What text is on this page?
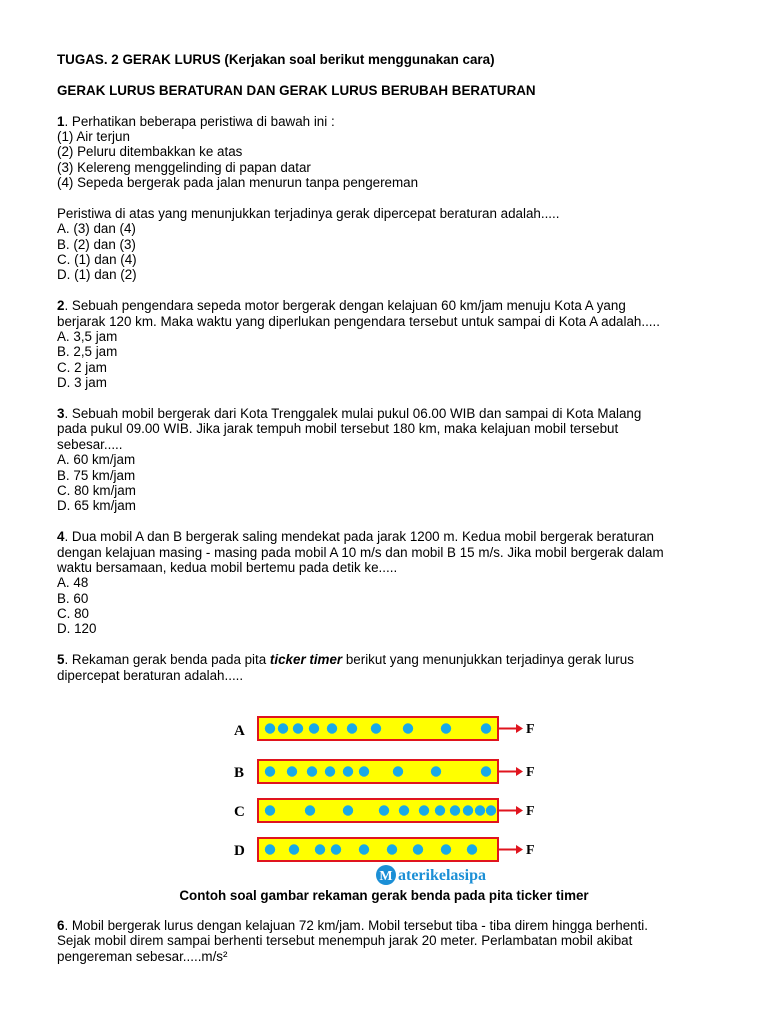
TUGAS. 2 GERAK LURUS (Kerjakan soal berikut menggunakan cara)
GERAK LURUS BERATURAN DAN GERAK LURUS BERUBAH BERATURAN
1. Perhatikan beberapa peristiwa di bawah ini :
(1) Air terjun
(2) Peluru ditembakkan ke atas
(3) Kelereng menggelinding di papan datar
(4) Sepeda bergerak pada jalan menurun tanpa pengereman
Peristiwa di atas yang menunjukkan terjadinya gerak dipercepat beraturan adalah.....
A. (3) dan (4)
B. (2) dan (3)
C. (1) dan (4)
D. (1) dan (2)
2. Sebuah pengendara sepeda motor bergerak dengan kelajuan 60 km/jam menuju Kota A yang
berjarak 120 km. Maka waktu yang diperlukan pengendara tersebut untuk sampai di Kota A adalah.....
A. 3,5 jam
B. 2,5 jam
C. 2 jam
D. 3 jam
3. Sebuah mobil bergerak dari Kota Trenggalek mulai pukul 06.00 WIB dan sampai di Kota Malang
pada pukul 09.00 WIB. Jika jarak tempuh mobil tersebut 180 km, maka kelajuan mobil tersebut
sebesar.....
A. 60 km/jam
B. 75 km/jam
C. 80 km/jam
D. 65 km/jam
4. Dua mobil A dan B bergerak saling mendekat pada jarak 1200 m. Kedua mobil bergerak beraturan
dengan kelajuan masing - masing pada mobil A 10 m/s dan mobil B 15 m/s. Jika mobil bergerak dalam
waktu bersamaan, kedua mobil bertemu pada detik ke.....
A. 48
B. 60
C. 80
D. 120
5. Rekaman gerak benda pada pita ticker timer berikut yang menunjukkan terjadinya gerak lurus
dipercepat beraturan adalah.....
A	F
B	F
C	F
D	F
M aterikelasipa
Contoh soal gambar rekaman gerak benda pada pita ticker timer
6. Mobil bergerak lurus dengan kelajuan 72 km/jam. Mobil tersebut tiba - tiba direm hingga berhenti.
Sejak mobil direm sampai berhenti tersebut menempuh jarak 20 meter. Perlambatan mobil akibat
pengereman sebesar.....m/s²
